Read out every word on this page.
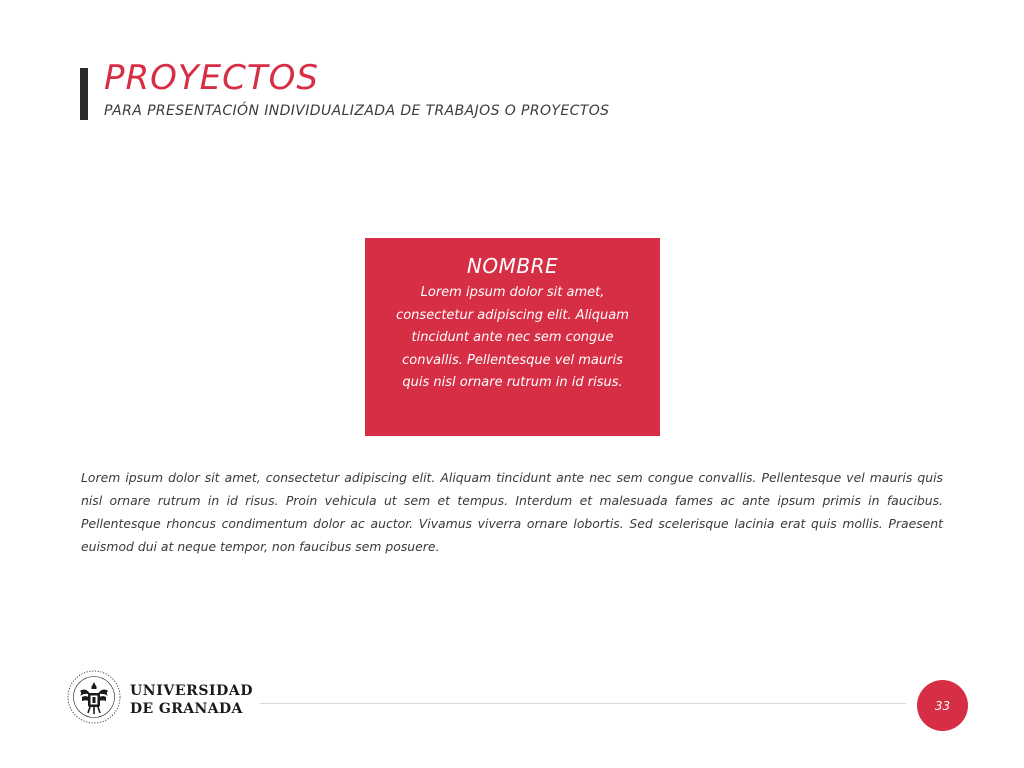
PROYECTOS

PARA PRESENTACIÓN INDIVIDUALIZADA DE TRABAJOS O PROYECTOS

NOMBRE

Lorem ipsum dolor sit amet, consectetur adipiscing elit. Aliquam tincidunt ante nec sem congue convallis. Pellentesque vel mauris quis nisl ornare rutrum in id risus.

Lorem ipsum dolor sit amet, consectetur adipiscing elit. Aliquam tincidunt ante nec sem congue convallis. Pellentesque vel mauris quis nisl ornare rutrum in id risus. Proin vehicula ut sem et tempus. Interdum et malesuada fames ac ante ipsum primis in faucibus. Pellentesque rhoncus condimentum dolor ac auctor. Vivamus viverra ornare lobortis. Sed scelerisque lacinia erat quis mollis. Praesent euismod dui at neque tempor, non faucibus sem posuere.

UNIVERSIDAD
DE GRANADA	33
